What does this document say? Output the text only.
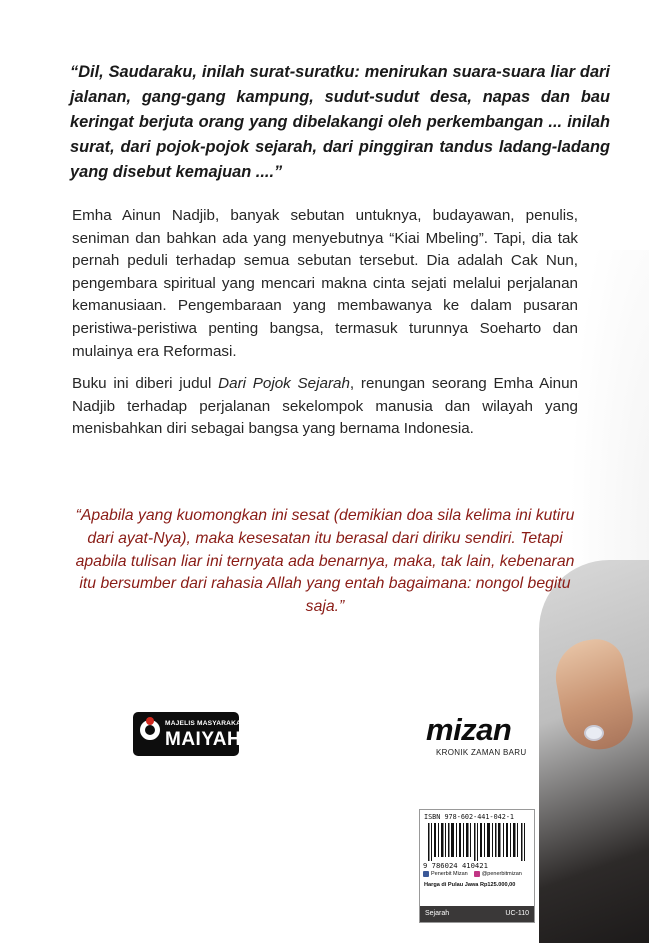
“Dil, Saudaraku, inilah surat-suratku: menirukan suara-suara liar dari jalanan, gang-gang kampung, sudut-sudut desa, napas dan bau keringat berjuta orang yang dibelakangi oleh perkembangan ... inilah surat, dari pojok-pojok sejarah, dari pinggiran tandus ladang-ladang yang disebut kemajuan ....”
Emha Ainun Nadjib, banyak sebutan untuknya, budayawan, penulis, seniman dan bahkan ada yang menyebutnya “Kiai Mbeling”. Tapi, dia tak pernah peduli terhadap semua sebutan tersebut. Dia adalah Cak Nun, pengembara spiritual yang mencari makna cinta sejati melalui perjalanan kemanusiaan. Pengembaraan yang membawanya ke dalam pusaran peristiwa-peristiwa penting bangsa, termasuk turunnya Soeharto dan mulainya era Reformasi.
Buku ini diberi judul Dari Pojok Sejarah, renungan seorang Emha Ainun Nadjib terhadap perjalanan sekelompok manusia dan wilayah yang menisbahkan diri sebagai bangsa yang bernama Indonesia.
“Apabila yang kuomongkan ini sesat (demikian doa sila kelima ini kutiru dari ayat-Nya), maka kesesatan itu berasal dari diriku sendiri. Tetapi apabila tulisan liar ini ternyata ada benarnya, maka, tak lain, kebenaran itu bersumber dari rahasia Allah yang entah bagaimana: nongol begitu saja.”
MAJELIS MASYARAKAT
MAIYAH	mizan
KRONIK ZAMAN BARU
ISBN 978-602-441-042-1
9 786024 410421
Penerbit Mizan	@penerbitmizan
Harga di Pulau Jawa Rp125.000,00
Sejarah	UC-110
